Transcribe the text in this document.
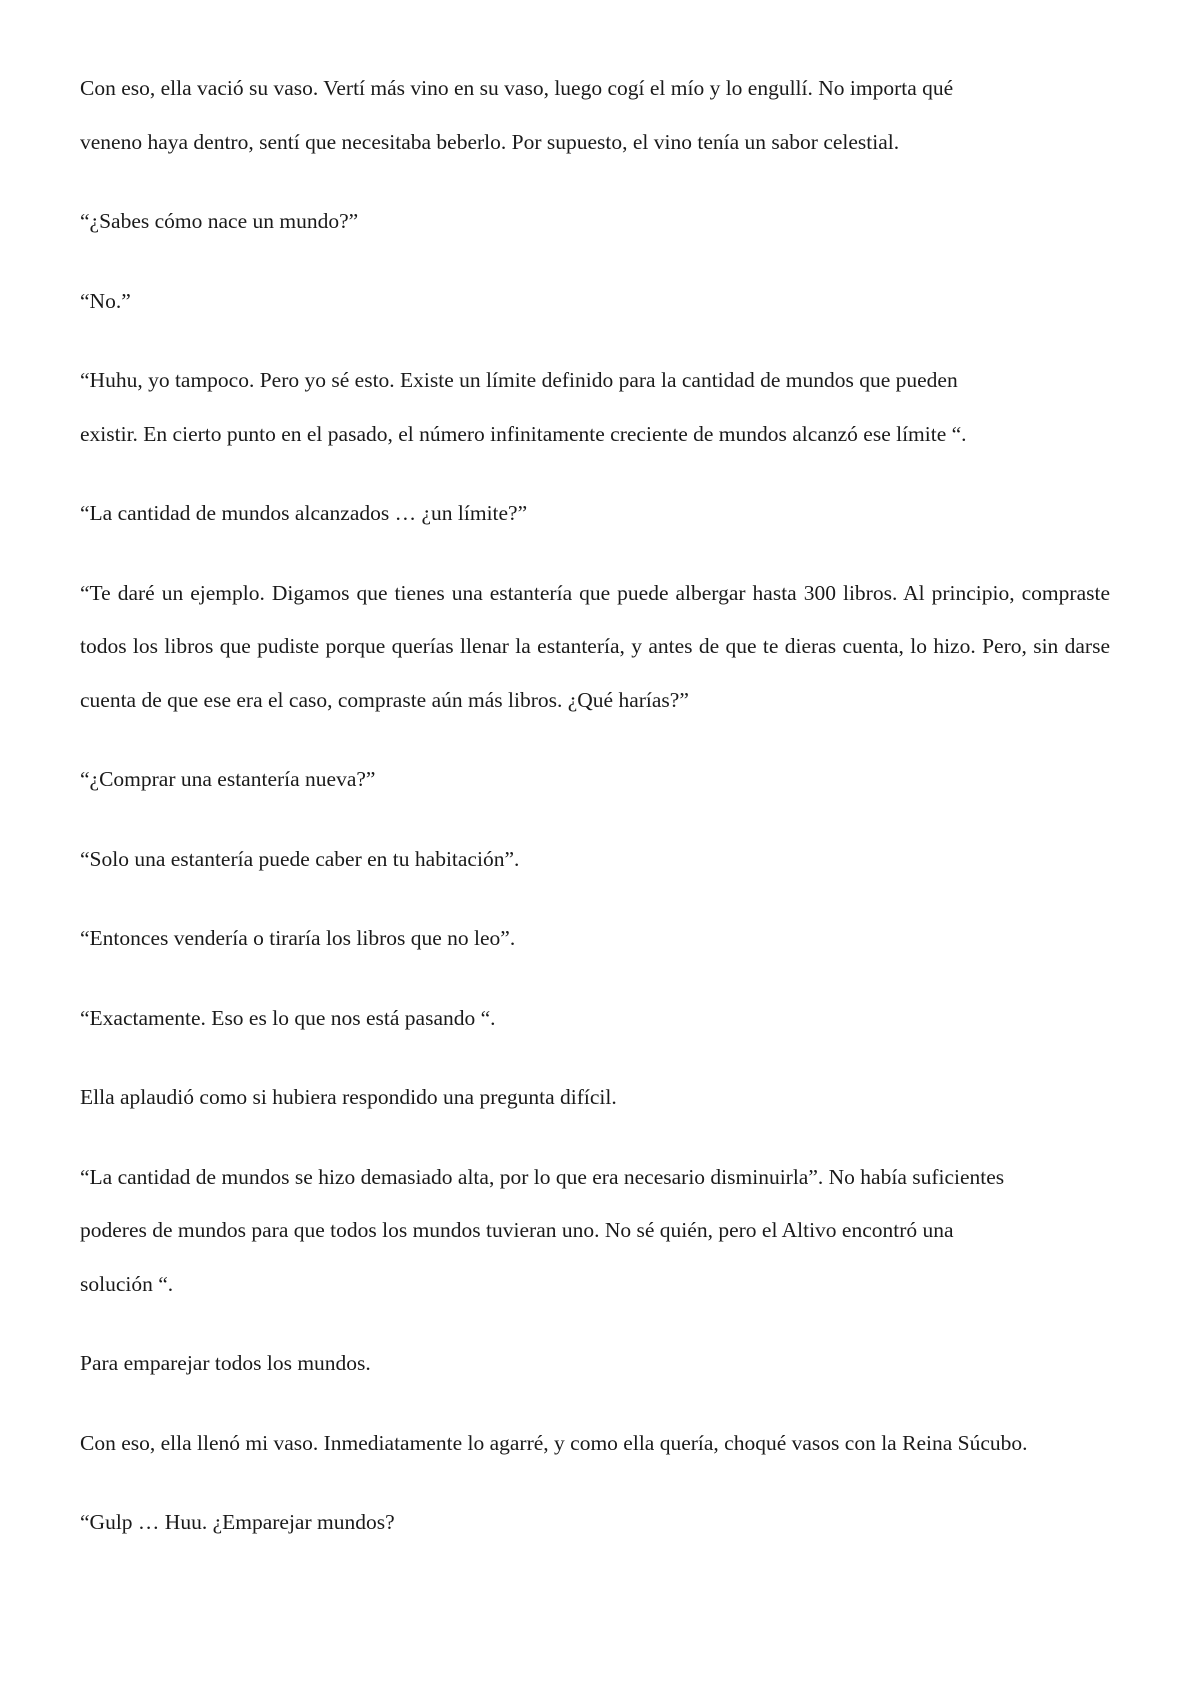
Con eso, ella vació su vaso. Vertí más vino en su vaso, luego cogí el mío y lo engullí. No importa qué veneno haya dentro, sentí que necesitaba beberlo. Por supuesto, el vino tenía un sabor celestial.

“¿Sabes cómo nace un mundo?”

“No.”

“Huhu, yo tampoco. Pero yo sé esto. Existe un límite definido para la cantidad de mundos que pueden existir. En cierto punto en el pasado, el número infinitamente creciente de mundos alcanzó ese límite “.

“La cantidad de mundos alcanzados … ¿un límite?”

“Te daré un ejemplo. Digamos que tienes una estantería que puede albergar hasta 300 libros. Al principio, compraste todos los libros que pudiste porque querías llenar la estantería, y antes de que te dieras cuenta, lo hizo. Pero, sin darse cuenta de que ese era el caso, compraste aún más libros. ¿Qué harías?”

“¿Comprar una estantería nueva?”

“Solo una estantería puede caber en tu habitación”.

“Entonces vendería o tiraría los libros que no leo”.

“Exactamente. Eso es lo que nos está pasando “.

Ella aplaudió como si hubiera respondido una pregunta difícil.

“La cantidad de mundos se hizo demasiado alta, por lo que era necesario disminuirla”. No había suficientes poderes de mundos para que todos los mundos tuvieran uno. No sé quién, pero el Altivo encontró una solución “.

Para emparejar todos los mundos.

Con eso, ella llenó mi vaso. Inmediatamente lo agarré, y como ella quería, choqué vasos con la Reina Súcubo.

“Gulp … Huu. ¿Emparejar mundos?
